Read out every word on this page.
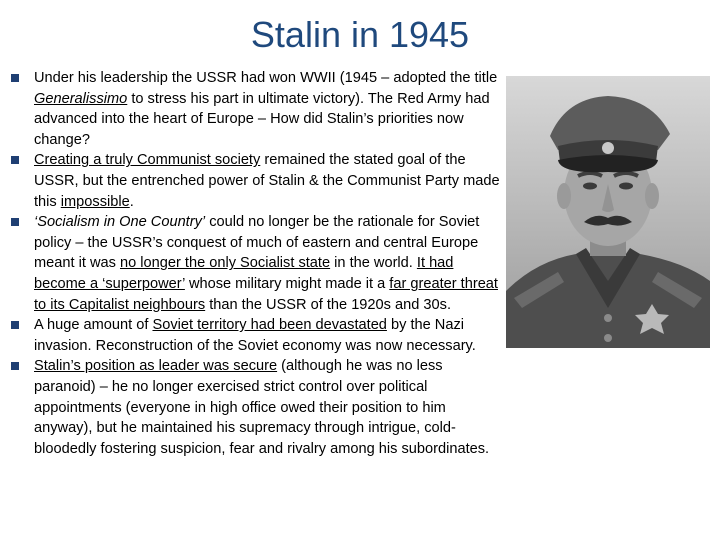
Stalin in 1945
Under his leadership the USSR had won WWII (1945 – adopted the title Generalissimo to stress his part in ultimate victory). The Red Army had advanced into the heart of Europe – How did Stalin’s priorities now change?
Creating a truly Communist society remained the stated goal of the USSR, but the entrenched power of Stalin & the Communist Party made this impossible.
‘Socialism in One Country’ could no longer be the rationale for Soviet policy – the USSR’s conquest of much of eastern and central Europe meant it was no longer the only Socialist state in the world. It had become a ‘superpower’ whose military might made it a far greater threat to its Capitalist neighbours than the USSR of the 1920s and 30s.
A huge amount of Soviet territory had been devastated by the Nazi invasion. Reconstruction of the Soviet economy was now necessary.
Stalin’s position as leader was secure (although he was no less paranoid) – he no longer exercised strict control over political appointments (everyone in high office owed their position to him anyway), but he maintained his supremacy through intrigue, cold-bloodedly fostering suspicion, fear and rivalry among his subordinates.
